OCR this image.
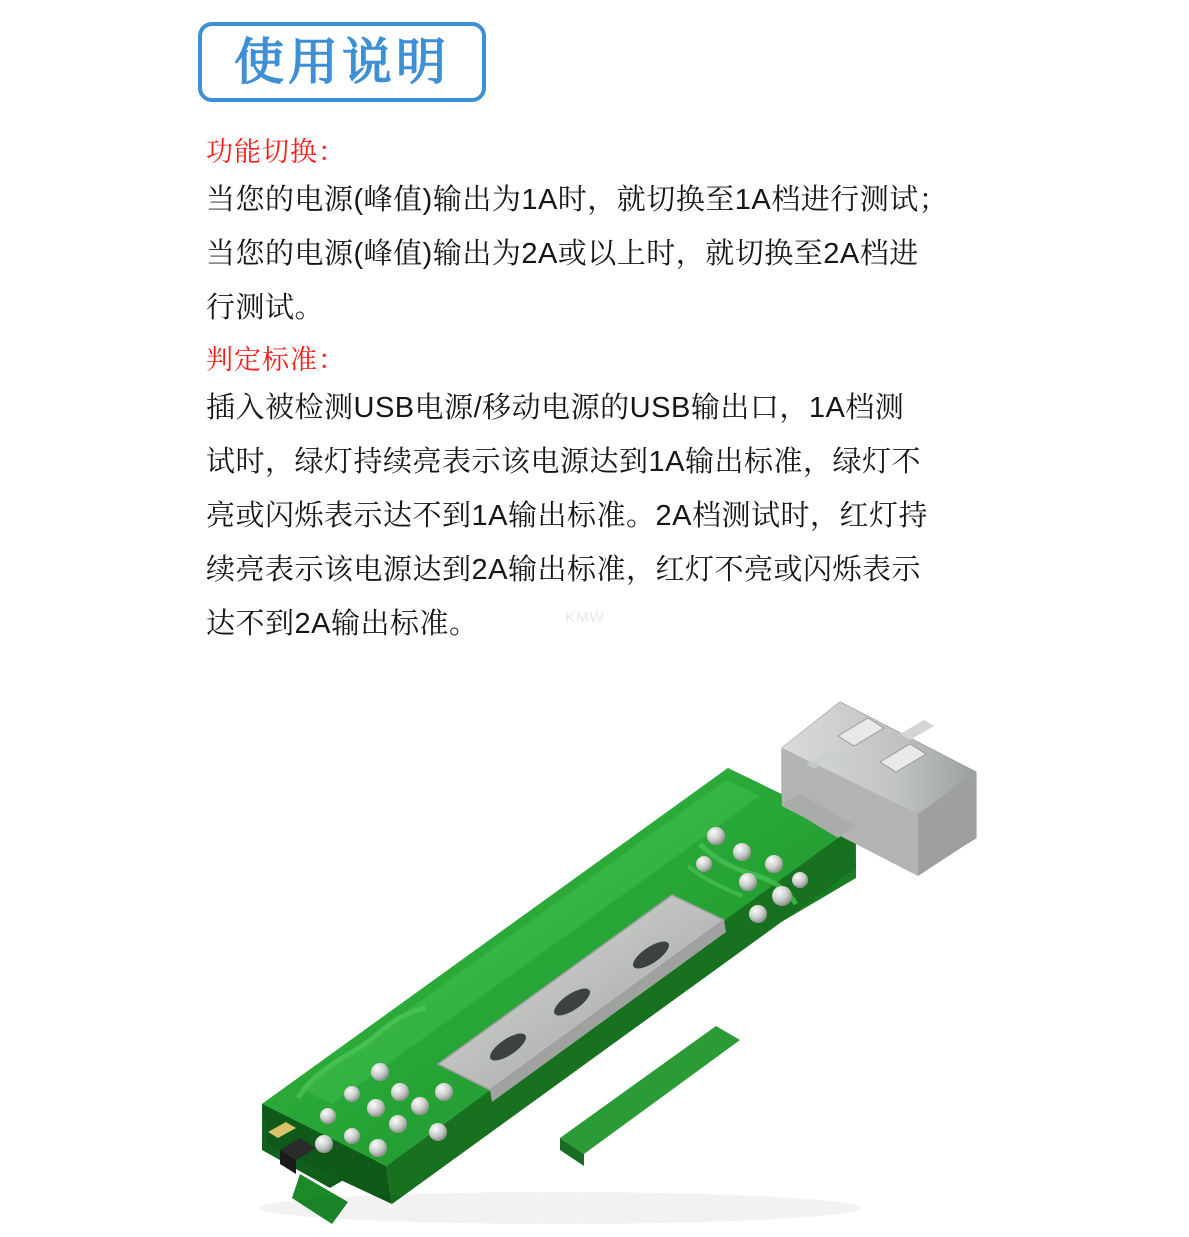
使用说明

功能切换：

当您的电源(峰值)输出为1A时，就切换至1A档进行测试；

当您的电源(峰值)输出为2A或以上时，就切换至2A档进

行测试。

判定标准：

插入被检测USB电源/移动电源的USB输出口，1A档测

试时，绿灯持续亮表示该电源达到1A输出标准，绿灯不

亮或闪烁表示达不到1A输出标准。2A档测试时，红灯持

续亮表示该电源达到2A输出标准，红灯不亮或闪烁表示

达不到2A输出标准。	KMW
